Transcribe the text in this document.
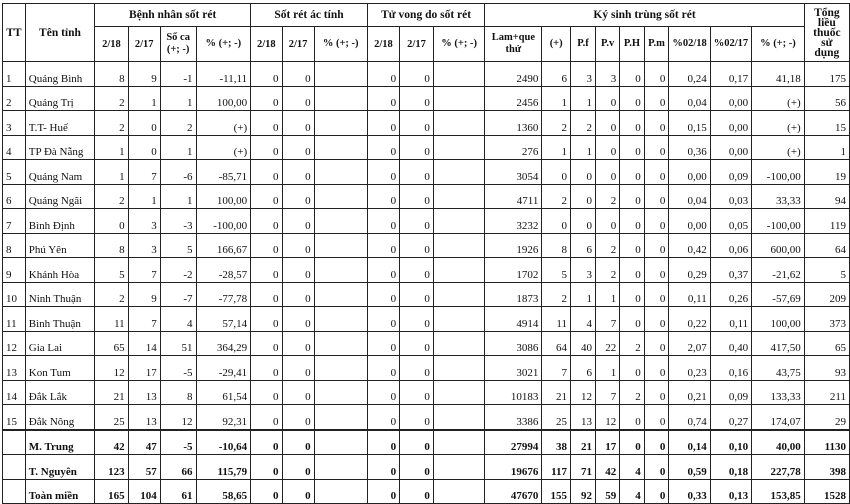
TT	Tên tỉnh	Bệnh nhân sốt rét				Sốt rét ác tính			Tử vong do sốt rét			Ký sinh trùng sốt rét									Tổng liều thuốc sử dụng
		2/18	2/17	Số ca (+; -)	% (+; -)	2/18	2/17	% (+; -)	2/18	2/17	% (+; -)	Lam+que thử	(+)	P.f	P.v	P.H	P.m	%02/18	%02/17	% (+; -)	
1	Quảng Bình	8	9	-1	-11,11	0	0		0	0		2490	6	3	3	0	0	0,24	0,17	41,18	175
2	Quảng Trị	2	1	1	100,00	0	0		0	0		2456	1	1	0	0	0	0,04	0,00	(+)	56
3	T.T- Huế	2	0	2	(+)	0	0		0	0		1360	2	2	0	0	0	0,15	0,00	(+)	15
4	TP Đà Nẵng	1	0	1	(+)	0	0		0	0		276	1	1	0	0	0	0,36	0,00	(+)	1
5	Quảng Nam	1	7	-6	-85,71	0	0		0	0		3054	0	0	0	0	0	0,00	0,09	-100,00	19
6	Quảng Ngãi	2	1	1	100,00	0	0		0	0		4711	2	0	2	0	0	0,04	0,03	33,33	94
7	Bình Định	0	3	-3	-100,00	0	0		0	0		3232	0	0	0	0	0	0,00	0,05	-100,00	119
8	Phú Yên	8	3	5	166,67	0	0		0	0		1926	8	6	2	0	0	0,42	0,06	600,00	64
9	Khánh Hòa	5	7	-2	-28,57	0	0		0	0		1702	5	3	2	0	0	0,29	0,37	-21,62	5
10	Ninh Thuận	2	9	-7	-77,78	0	0		0	0		1873	2	1	1	0	0	0,11	0,26	-57,69	209
11	Bình Thuận	11	7	4	57,14	0	0		0	0		4914	11	4	7	0	0	0,22	0,11	100,00	373
12	Gia Lai	65	14	51	364,29	0	0		0	0		3086	64	40	22	2	0	2,07	0,40	417,50	65
13	Kon Tum	12	17	-5	-29,41	0	0		0	0		3021	7	6	1	0	0	0,23	0,16	43,75	93
14	Đắk Lắk	21	13	8	61,54	0	0		0	0		10183	21	12	7	2	0	0,21	0,09	133,33	211
15	Đắk Nông	25	13	12	92,31	0	0		0	0		3386	25	13	12	0	0	0,74	0,27	174,07	29
	M. Trung	42	47	-5	-10,64	0	0		0	0		27994	38	21	17	0	0	0,14	0,10	40,00	1130
	T. Nguyên	123	57	66	115,79	0	0		0	0		19676	117	71	42	4	0	0,59	0,18	227,78	398
	Toàn miền	165	104	61	58,65	0	0		0	0		47670	155	92	59	4	0	0,33	0,13	153,85	1528
